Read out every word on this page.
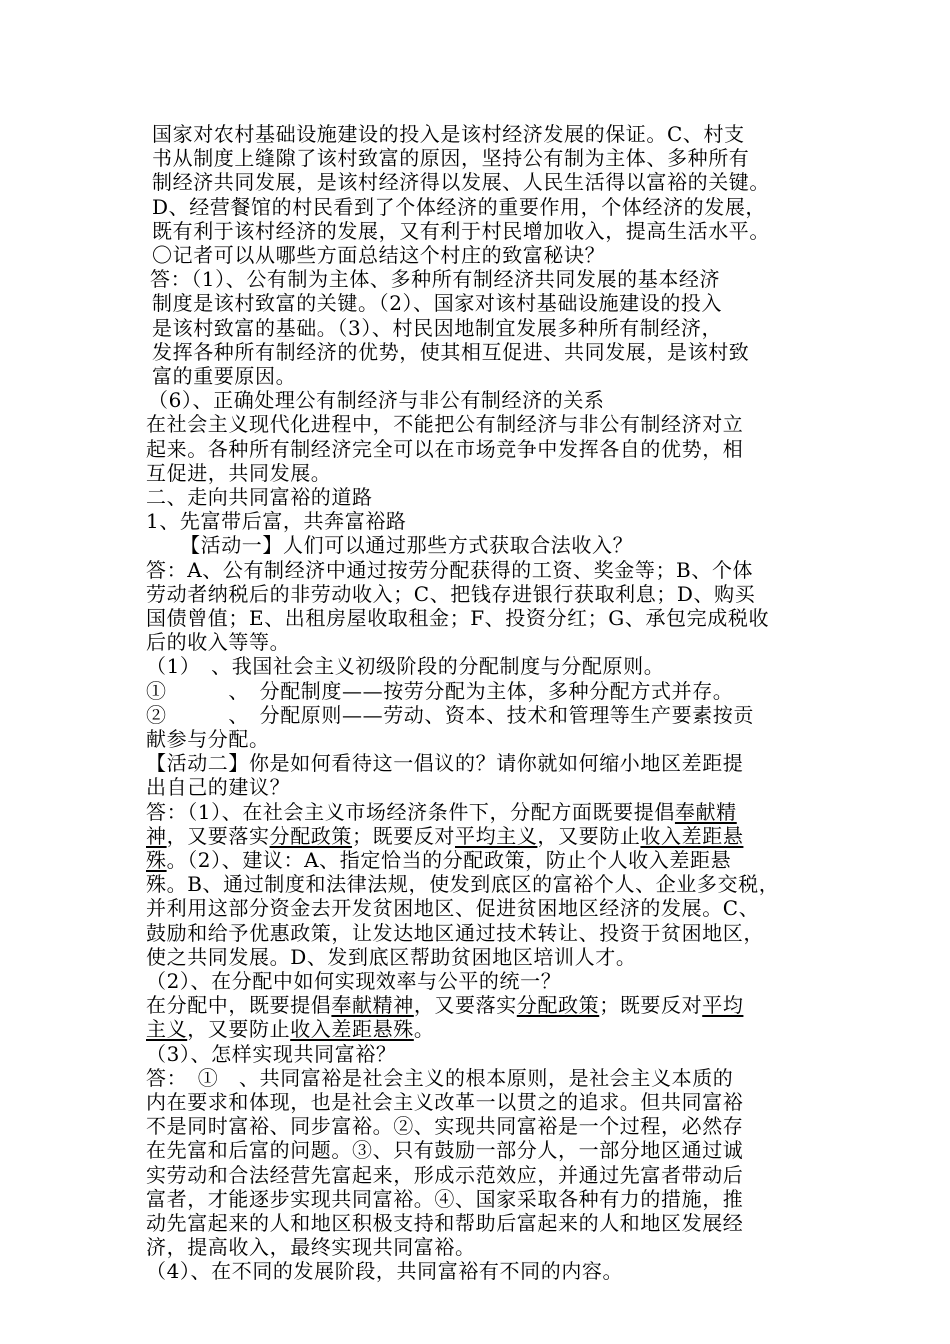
国家对农村基础设施建设的投入是该村经济发展的保证。C、村支
书从制度上缝隙了该村致富的原因，坚持公有制为主体、多种所有
制经济共同发展，是该村经济得以发展、人民生活得以富裕的关键。
D、经营餐馆的村民看到了个体经济的重要作用，个体经济的发展，
既有利于该村经济的发展，又有利于村民增加收入，提高生活水平。
〇记者可以从哪些方面总结这个村庄的致富秘诀？
答：（1）、公有制为主体、多种所有制经济共同发展的基本经济
制度是该村致富的关键。（2）、国家对该村基础设施建设的投入
是该村致富的基础。（3）、村民因地制宜发展多种所有制经济，
发挥各种所有制经济的优势，使其相互促进、共同发展，是该村致
富的重要原因。
（6）、正确处理公有制经济与非公有制经济的关系
在社会主义现代化进程中，不能把公有制经济与非公有制经济对立
起来。各种所有制经济完全可以在市场竞争中发挥各自的优势，相
互促进，共同发展。
二、走向共同富裕的道路
1、先富带后富，共奔富裕路
【活动一】人们可以通过那些方式获取合法收入？
答：A、公有制经济中通过按劳分配获得的工资、奖金等；B、个体
劳动者纳税后的非劳动收入；C、把钱存进银行获取利息；D、购买
国债曾值；E、出租房屋收取租金；F、投资分红；G、承包完成税收
后的收入等等。
（1）　、我国社会主义初级阶段的分配制度与分配原则。
①　　　、　分配制度——按劳分配为主体，多种分配方式并存。
②　　　、　分配原则——劳动、资本、技术和管理等生产要素按贡
献参与分配。
【活动二】你是如何看待这一倡议的？请你就如何缩小地区差距提
出自己的建议？
答：（1）、在社会主义市场经济条件下，分配方面既要提倡奉献精
神，又要落实分配政策；既要反对平均主义，又要防止收入差距悬
殊。（2）、建议：A、指定恰当的分配政策，防止个人收入差距悬
殊。B、通过制度和法律法规，使发到底区的富裕个人、企业多交税，
并利用这部分资金去开发贫困地区、促进贫困地区经济的发展。C、
鼓励和给予优惠政策，让发达地区通过技术转让、投资于贫困地区，
使之共同发展。D、发到底区帮助贫困地区培训人才。
（2）、在分配中如何实现效率与公平的统一？
在分配中，既要提倡奉献精神，又要落实分配政策；既要反对平均
主义，又要防止收入差距悬殊。
（3）、怎样实现共同富裕？
答：　①　、共同富裕是社会主义的根本原则，是社会主义本质的
内在要求和体现，也是社会主义改革一以贯之的追求。但共同富裕
不是同时富裕、同步富裕。②、实现共同富裕是一个过程，必然存
在先富和后富的问题。③、只有鼓励一部分人，一部分地区通过诚
实劳动和合法经营先富起来，形成示范效应，并通过先富者带动后
富者，才能逐步实现共同富裕。④、国家采取各种有力的措施，推
动先富起来的人和地区积极支持和帮助后富起来的人和地区发展经
济，提高收入，最终实现共同富裕。
（4）、在不同的发展阶段，共同富裕有不同的内容。
